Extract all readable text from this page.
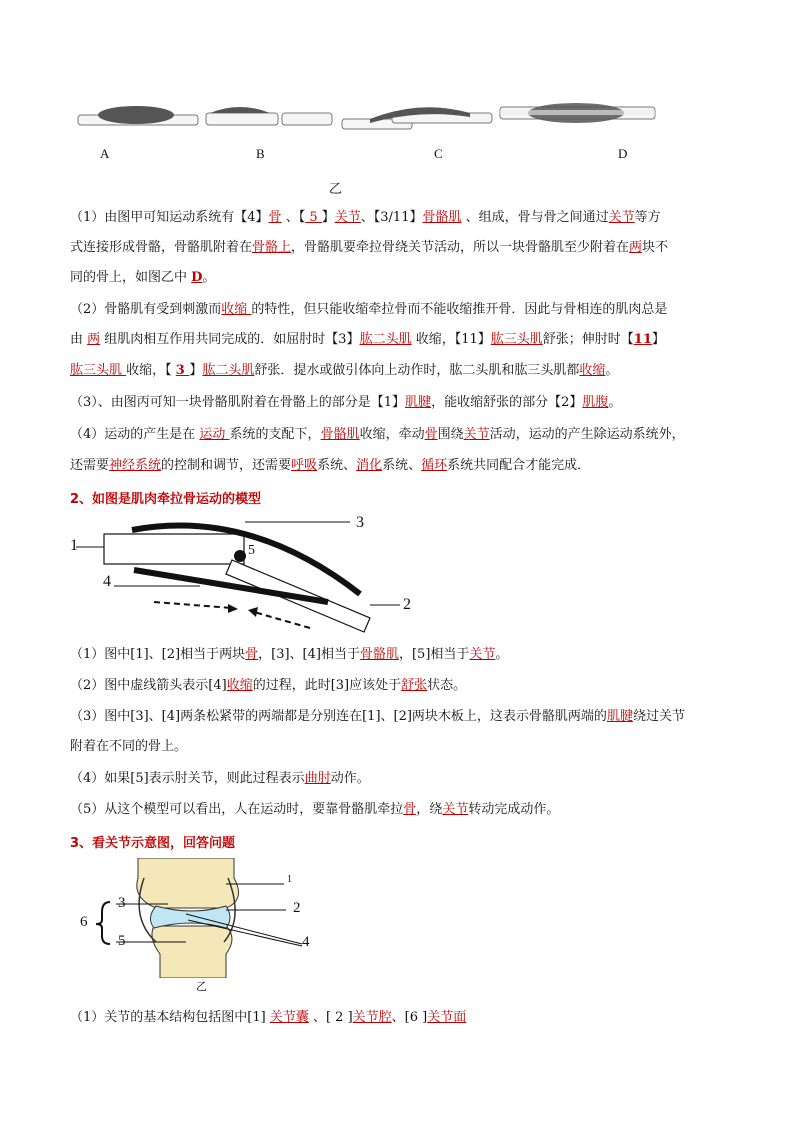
A	B	C	D
乙
（1）由图甲可知运动系统有【4】骨 、【 5 】关节、【3/11】骨骼肌 、组成，骨与骨之间通过关节等方
式连接形成骨骼，骨骼肌附着在骨骼上，骨骼肌要牵拉骨绕关节活动，所以一块骨骼肌至少附着在两块不
同的骨上，如图乙中 D。
（2）骨骼肌有受到刺激而收缩 的特性，但只能收缩牵拉骨而不能收缩推开骨．因此与骨相连的肌肉总是
由 两 组肌肉相互作用共同完成的．如屈肘时【3】肱二头肌 收缩，【11】肱三头肌舒张；伸肘时【11】
肱三头肌 收缩，【 3 】肱二头肌舒张．提水或做引体向上动作时，肱二头肌和肱三头肌都收缩。
（3）、由图丙可知一块骨骼肌附着在骨骼上的部分是【1】肌腱，能收缩舒张的部分【2】肌腹。
（4）运动的产生是在 运动 系统的支配下，骨骼肌收缩，牵动骨围绕关节活动，运动的产生除运动系统外，
还需要神经系统的控制和调节，还需要呼吸系统、消化系统、循环系统共同配合才能完成．
2、如图是肌肉牵拉骨运动的模型
1
2
3
4
5
（1）图中[1]、[2]相当于两块骨，[3]、[4]相当于骨骼肌，[5]相当于关节。
（2）图中虚线箭头表示[4]收缩的过程，此时[3]应该处于舒张状态。
（3）图中[3]、[4]两条松紧带的两端都是分别连在[1]、[2]两块木板上，这表示骨骼肌两端的肌腱绕过关节
附着在不同的骨上。
（4）如果[5]表示肘关节，则此过程表示曲肘动作。
（5）从这个模型可以看出，人在运动时，要靠骨骼肌牵拉骨，绕关节转动完成动作。
3、看关节示意图，回答问题
1
2
3
4
5
6
乙
（1）关节的基本结构包括图中[1] 关节囊 、[ 2 ]关节腔、[6 ]关节面
